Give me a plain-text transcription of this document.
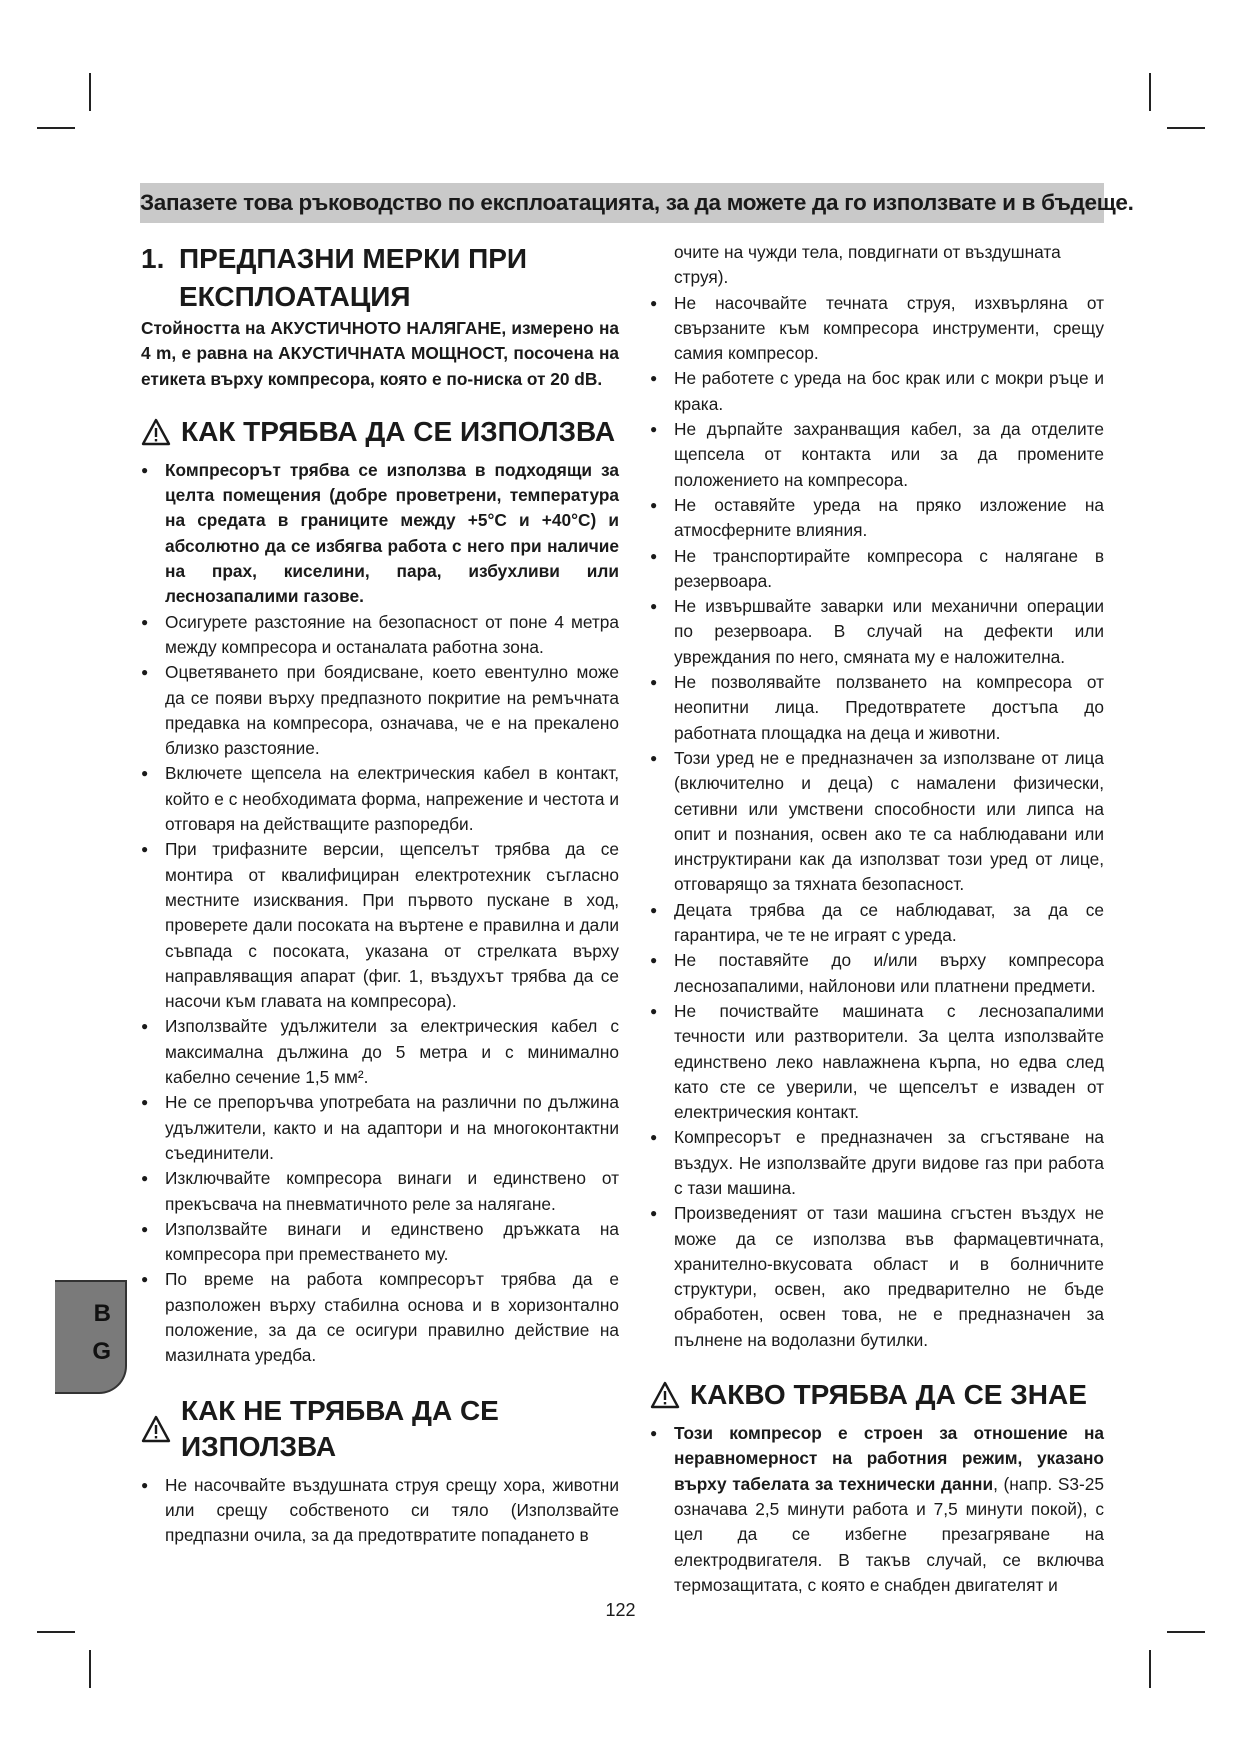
Запазете това ръководство по експлоатацията, за да можете да го използвате и в бъдеще.

1. ПРЕДПАЗНИ МЕРКИ ПРИ
ЕКСПЛОАТАЦИЯ

Стойността на АКУСТИЧНОТО НАЛЯГАНЕ, измерено на 4 m, е равна на АКУСТИЧНАТА МОЩНОСТ, посочена на етикета върху компресора, която е по-ниска от 20 dB.

КАК ТРЯБВА ДА СЕ ИЗПОЛЗВА

● Компресорът трябва се използва в подходящи за целта помещения (добре проветрени, температура на средата в границите между +5°C и +40°C) и абсолютно да се избягва работа с него при наличие на прах, киселини, пара, избухливи или леснозапалими газове.
● Осигурете разстояние на безопасност от поне 4 метра между компресора и останалата работна зона.
● Оцветяването при боядисване, което евентулно може да се появи върху предпазното покритие на ремъчната предавка на компресора, означава, че е на прекалено близко разстояние.
● Включете щепсела на електрическия кабел в контакт, който е с необходимата форма, напрежение и честота и отговаря на действащите разпоредби.
● При трифазните версии, щепселът трябва да се монтира от квалифициран електротехник съгласно местните изисквания. При първото пускане в ход, проверете дали посоката на въртене е правилна и дали съвпада с посоката, указана от стрелката върху направляващия апарат (фиг. 1, въздухът трябва да се насочи към главата на компресора).
● Използвайте удължители за електрическия кабел с максимална дължина до 5 метра и с минимално кабелно сечение 1,5 мм².
● Не се препоръчва употребата на различни по дължина удължители, както и на адаптори и на многоконтактни съединители.
● Изключвайте компресора винаги и единствено от прекъсвача на пневматичното реле за налягане.
● Използвайте винаги и единствено дръжката на компресора при преместването му.
● По време на работа компресорът трябва да е разположен върху стабилна основа и в хоризонтално положение, за да се осигури правилно действие на мазилната уредба.

КАК НЕ ТРЯБВА ДА СЕ ИЗПОЛЗВА

● Не насочвайте въздушната струя срещу хора, животни или срещу собственото си тяло (Използвайте предпазни очила, за да предотвратите попадането в

очите на чужди тела, повдигнати от въздушната струя).

● Не насочвайте течната струя, изхвърляна от свързаните към компресора инструменти, срещу самия компресор.
● Не работете с уреда на бос крак или с мокри ръце и крака.
● Не дърпайте захранващия кабел, за да отделите щепсела от контакта или за да промените положението на компресора.
● Не оставяйте уреда на пряко изложение на атмосферните влияния.
● Не транспортирайте компресора с налягане в резервоара.
● Не извършвайте заварки или механични операции по резервоара. В случай на дефекти или увреждания по него, смяната му е наложителна.
● Не позволявайте ползването на компресора от неопитни лица. Предотвратете достъпа до работната площадка на деца и животни.
● Този уред не е предназначен за използване от лица (включително и деца) с намалени физически, сетивни или умствени способности или липса на опит и познания, освен ако те са наблюдавани или инструктирани как да използват този уред от лице, отговарящо за тяхната безопасност.
● Децата трябва да се наблюдават, за да се гарантира, че те не играят с уреда.
● Не поставяйте до и/или върху компресора леснозапалими, найлонови или платнени предмети.
● Не почиствайте машината с леснозапалими течности или разтворители. За целта използвайте единствено леко навлажнена кърпа, но едва след като сте се уверили, че щепселът е изваден от електрическия контакт.
● Компресорът е предназначен за сгъстяване на въздух. Не използвайте други видове газ при работа с тази машина.
● Произведеният от тази машина сгъстен въздух не може да се използва във фармацевтичната, хранително-вкусовата област и в болничните структури, освен, ако предварително не бъде обработен, освен това, не е предназначен за пълнене на водолазни бутилки.

КАКВО ТРЯБВА ДА СЕ ЗНАЕ

● Този компресор е строен за отношение на неравномерност на работния режим, указано върху табелата за технически данни, (напр. S3-25 означава 2,5 минути работа и 7,5 минути покой), с цел да се избегне презагряване на електродвигателя. В такъв случай, се включва термозащитата, с която е снабден двигателят и
B
G
122
